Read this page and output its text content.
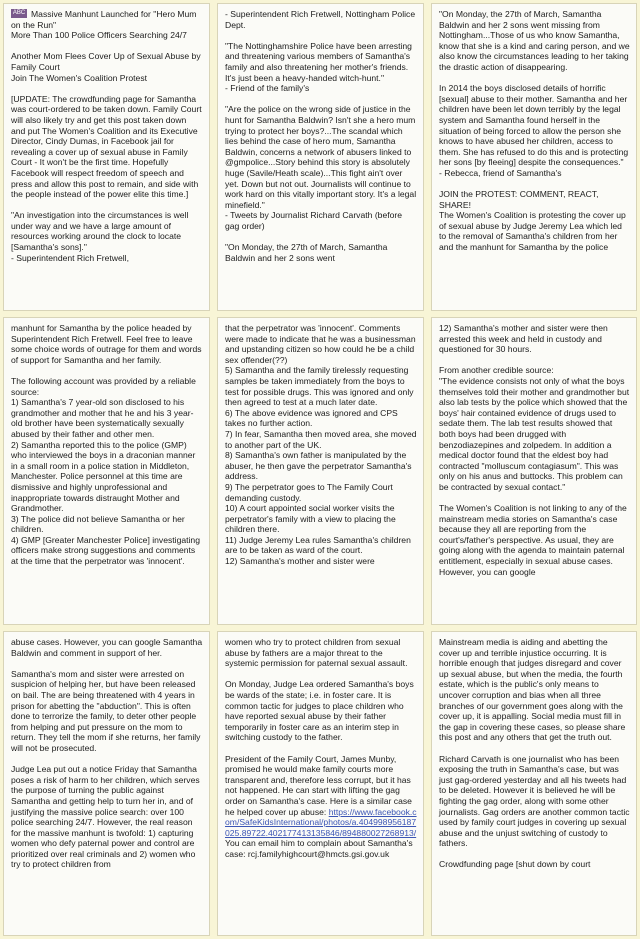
ABC Massive Manhunt Launched for "Hero Mum on the Run"
More Than 100 Police Officers Searching 24/7

Another Mom Flees Cover Up of Sexual Abuse by Family Court
Join The Women's Coalition Protest

[UPDATE: The crowdfunding page for Samantha was court-ordered to be taken down. Family Court will also likely try and get this post taken down and put The Women's Coalition and its Executive Director, Cindy Dumas, in Facebook jail for revealing a cover up of sexual abuse in Family Court - It won't be the first time. Hopefully Facebook will respect freedom of speech and press and allow this post to remain, and side with the people instead of the power elite this time.]

"An investigation into the circumstances is well under way and we have a large amount of resources working around the clock to locate [Samantha's sons]."
- Superintendent Rich Fretwell,

- Superintendent Rich Fretwell, Nottingham Police Dept.

"The Nottinghamshire Police have been arresting and threatening various members of Samantha's family and also threatening her mother's friends. It's just been a heavy-handed witch-hunt."
- Friend of the family's

"Are the police on the wrong side of justice in the hunt for Samantha Baldwin? Isn't she a hero mum trying to protect her boys?...The scandal which lies behind the case of hero mum, Samantha Baldwin, concerns a network of abusers linked to @gmpolice...Story behind this story is absolutely huge (Savile/Heath scale)...This fight ain't over yet. Down but not out. Journalists will continue to work hard on this vitally important story. It's a legal minefield."
- Tweets by Journalist Richard Carvath (before gag order)

"On Monday, the 27th of March, Samantha Baldwin and her 2 sons went

"On Monday, the 27th of March, Samantha Baldwin and her 2 sons went missing from Nottingham...Those of us who know Samantha, know that she is a kind and caring person, and we also know the circumstances leading to her taking the drastic action of disappearing.

In 2014 the boys disclosed details of horrific [sexual] abuse to their mother. Samantha and her children have been let down terribly by the legal system and Samantha found herself in the situation of being forced to allow the person she knows to have abused her children, access to them. She has refused to do this and is protecting her sons [by fleeing] despite the consequences."
- Rebecca, friend of Samantha's

JOIN the PROTEST: COMMENT, REACT, SHARE!
The Women's Coalition is protesting the cover up of sexual abuse by Judge Jeremy Lea which led to the removal of Samantha's children from her and the manhunt for Samantha by the police

manhunt for Samantha by the police headed by Superintendent Rich Fretwell. Feel free to leave some choice words of outrage for them and words of support for Samantha and her family.

The following account was provided by a reliable source:
1) Samantha's 7 year-old son disclosed to his grandmother and mother that he and his 3 year-old brother have been systematically sexually abused by their father and other men.
2) Samantha reported this to the police (GMP) who interviewed the boys in a draconian manner in a small room in a police station in Middleton, Manchester. Police personnel at this time are dismissive and highly unprofessional and inappropriate towards distraught Mother and Grandmother.
3) The police did not believe Samantha or her children.
4) GMP [Greater Manchester Police] investigating officers make strong suggestions and comments at the time that the perpetrator was 'innocent'.

that the perpetrator was 'innocent'. Comments were made to indicate that he was a businessman and upstanding citizen so how could he be a child sex offender(??)
5) Samantha and the family tirelessly requesting samples be taken immediately from the boys to test for possible drugs. This was ignored and only then agreed to test at a much later date.
6) The above evidence was ignored and CPS takes no further action.
7) In fear, Samantha then moved area, she moved to another part of the UK.
8) Samantha's own father is manipulated by the abuser, he then gave the perpetrator Samantha's address.
9) The perpetrator goes to The Family Court demanding custody.
10) A court appointed social worker visits the perpetrator's family with a view to placing the children there.
11) Judge Jeremy Lea rules Samantha's children are to be taken as ward of the court.
12) Samantha's mother and sister were

12) Samantha's mother and sister were then arrested this week and held in custody and questioned for 30 hours.

From another credible source:
"The evidence consists not only of what the boys themselves told their mother and grandmother but also lab tests by the police which showed that the boys' hair contained evidence of drugs used to sedate them. The lab test results showed that both boys had been drugged with benzodiazepines and zolpedem. In addition a medical doctor found that the eldest boy had contracted "molluscum contagiasum". This was only on his anus and buttocks. This problem can be contracted by sexual contact."

The Women's Coalition is not linking to any of the mainstream media stories on Samantha's case because they all are reporting from the court's/father's perspective. As usual, they are going along with the agenda to maintain paternal entitlement, especially in sexual abuse cases. However, you can google

abuse cases. However, you can google Samantha Baldwin and comment in support of her.

Samantha's mom and sister were arrested on suspicion of helping her, but have been released on bail. The are being threatened with 4 years in prison for abetting the "abduction". This is often done to terrorize the family, to deter other people from helping and put pressure on the mom to return. They tell the mom if she returns, her family will not be prosecuted.

Judge Lea put out a notice Friday that Samantha poses a risk of harm to her children, which serves the purpose of turning the public against Samantha and getting help to turn her in, and of justifying the massive police search: over 100 police searching 24/7. However, the real reason for the massive manhunt is twofold: 1) capturing women who defy paternal power and control are prioritized over real criminals and 2) women who try to protect children from

women who try to protect children from sexual abuse by fathers are a major threat to the systemic permission for paternal sexual assault.

On Monday, Judge Lea ordered Samantha's boys be wards of the state; i.e. in foster care. It is common tactic for judges to place children who have reported sexual abuse by their father temporarily in foster care as an interim step in switching custody to the father.

President of the Family Court, James Munby, promised he would make family courts more transparent and, therefore less corrupt, but it has not happened. He can start with lifting the gag order on Samantha's case. Here is a similar case he helped cover up abuse: https://www.facebook.com/SafeKidsInternational/photos/a.404998956187025.89722.402177413135846/894880027268913/ You can email him to complain about Samantha's case: rcj.familyhighcourt@hmcts.gsi.gov.uk

Mainstream media is aiding and abetting the cover up and terrible injustice occurring. It is horrible enough that judges disregard and cover up sexual abuse, but when the media, the fourth estate, which is the public's only means to uncover corruption and bias when all three branches of our government goes along with the cover up, it is appalling. Social media must fill in the gap in covering these cases, so please share this post and any others that get the truth out.

Richard Carvath is one journalist who has been exposing the truth in Samantha's case, but was just gag-ordered yesterday and all his tweets had to be deleted. However it is believed he will be fighting the gag order, along with some other journalists. Gag orders are another common tactic used by family court judges in covering up sexual abuse and the unjust switching of custody to fathers.

Crowdfunding page [shut down by court
